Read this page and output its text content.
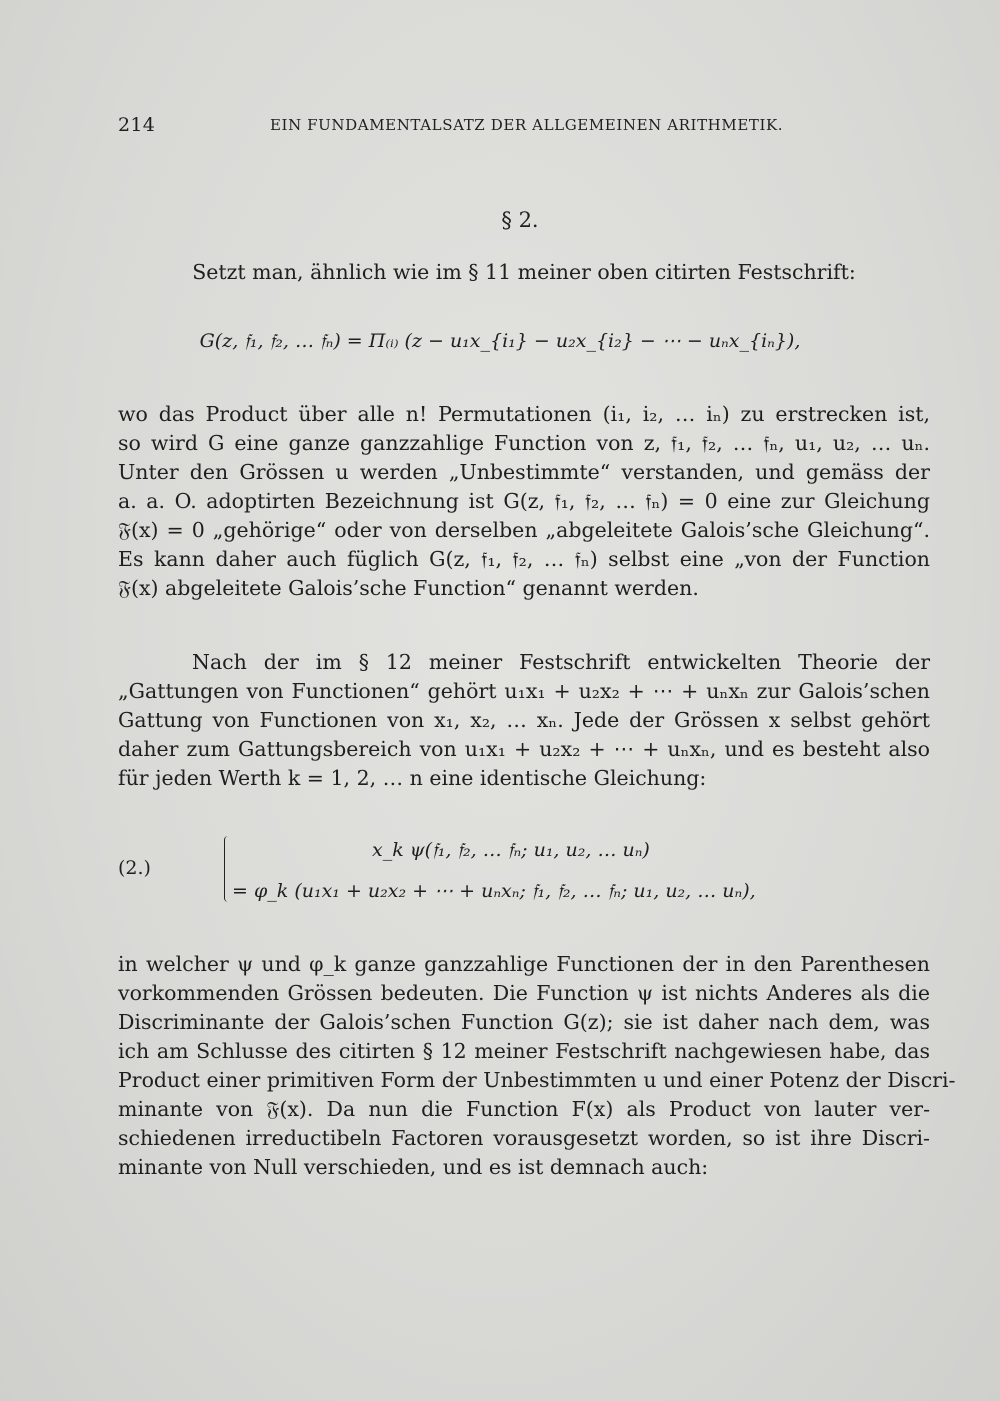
214	EIN FUNDAMENTALSATZ DER ALLGEMEINEN ARITHMETIK.
§ 2.
Setzt man, ähnlich wie im § 11 meiner oben citirten Festschrift:
G(z, 𝔣₁, 𝔣₂, … 𝔣ₙ) = Π₍ᵢ₎ (z − u₁x_{i₁} − u₂x_{i₂} − ⋯ − uₙx_{iₙ}),
wo das Product über alle n! Permutationen (i₁, i₂, … iₙ) zu erstrecken ist,
so wird G eine ganze ganzzahlige Function von z, 𝔣₁, 𝔣₂, … 𝔣ₙ, u₁, u₂, … uₙ.
Unter den Grössen u werden „Unbestimmte“ verstanden, und gemäss der
a. a. O. adoptirten Bezeichnung ist G(z, 𝔣₁, 𝔣₂, … 𝔣ₙ) = 0 eine zur Gleichung
𝔉(x) = 0 „gehörige“ oder von derselben „abgeleitete Galois’sche Gleichung“.
Es kann daher auch füglich G(z, 𝔣₁, 𝔣₂, … 𝔣ₙ) selbst eine „von der Function
𝔉(x) abgeleitete Galois’sche Function“ genannt werden.
Nach der im § 12 meiner Festschrift entwickelten Theorie der
„Gattungen von Functionen“ gehört u₁x₁ + u₂x₂ + ⋯ + uₙxₙ zur Galois’schen
Gattung von Functionen von x₁, x₂, … xₙ. Jede der Grössen x selbst gehört
daher zum Gattungsbereich von u₁x₁ + u₂x₂ + ⋯ + uₙxₙ, und es besteht also
für jeden Werth k = 1, 2, … n eine identische Gleichung:
(2.)
x_k ψ(𝔣₁, 𝔣₂, … 𝔣ₙ; u₁, u₂, … uₙ)
= φ_k (u₁x₁ + u₂x₂ + ⋯ + uₙxₙ; 𝔣₁, 𝔣₂, … 𝔣ₙ; u₁, u₂, … uₙ),
in welcher ψ und φ_k ganze ganzzahlige Functionen der in den Parenthesen
vorkommenden Grössen bedeuten. Die Function ψ ist nichts Anderes als die
Discriminante der Galois’schen Function G(z); sie ist daher nach dem, was
ich am Schlusse des citirten § 12 meiner Festschrift nachgewiesen habe, das
Product einer primitiven Form der Unbestimmten u und einer Potenz der Discri-
minante von 𝔉(x). Da nun die Function F(x) als Product von lauter ver-
schiedenen irreductibeln Factoren vorausgesetzt worden, so ist ihre Discri-
minante von Null verschieden, und es ist demnach auch:
